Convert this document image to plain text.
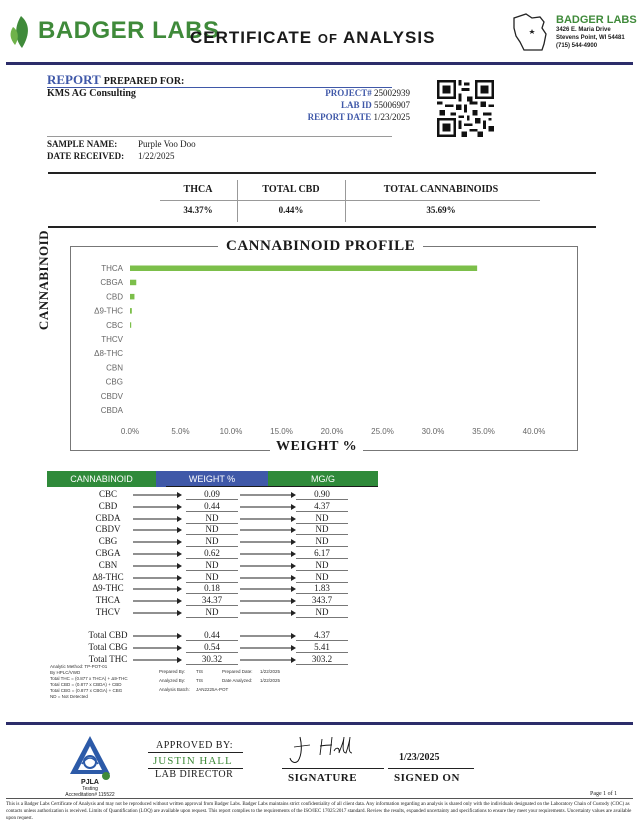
BADGER LABS
CERTIFICATE OF ANALYSIS
BADGER LABS
3426 E. Maria Drive
Stevens Point, WI 54481
(715) 544-4900
REPORT PREPARED FOR:
KMS AG Consulting	PROJECT# 25002939
LAB ID 55006907
REPORT DATE 1/23/2025
SAMPLE NAME: Purple Voo Doo
DATE RECEIVED: 1/22/2025
THCA	TOTAL CBD	TOTAL CANNABINOIDS
34.37%	0.44%	35.69%
CANNABINOID PROFILE
WEIGHT %
CANNABINOID	THCA
CBGA
CBD
Δ9-THC
CBC
THCV
Δ8-THC
CBN
CBG
CBDV
CBDA
0.0%	5.0%	10.0%	15.0%	20.0%	25.0%	30.0%	35.0%	40.0%
CANNABINOID	WEIGHT %	MG/G
CBC	0.09	0.90
CBD	0.44	4.37
CBDA	ND	ND
CBDV	ND	ND
CBG	ND	ND
CBGA	0.62	6.17
CBN	ND	ND
Δ8-THC	ND	ND
Δ9-THC	0.18	1.83
THCA	34.37	343.7
THCV	ND	ND
Total CBD	0.44	4.37
Total CBG	0.54	5.41
Total THC	30.32	303.2
Analytic Method: TP-POT-01
By HPLC/VWD
Total THC = (0.877 x THCA) + Δ9-THC
Total CBD = (0.877 x CBDA) + CBD
Total CBG = (0.877 x CBGA) + CBG
ND = Not Detected
Prepared By: TIS
Analyzed By: TIS
Analysis Batch: JAN2225A-POT
Prepared Date: 1/22/2025
Date Analyzed: 1/22/2025
PJLA
Testing
Accreditation# 115522
APPROVED BY:
JUSTIN HALL
LAB DIRECTOR	SIGNATURE
1/23/2025
SIGNED ON
Page 1 of 1
This is a Badger Labs Certificate of Analysis and may not be reproduced without written approval from Badger Labs. Badger Labs maintains strict confidentiality of all client data. Any information regarding an analysis is shared only with the individuals designated on the Laboratory Chain of Custody (COC) as contacts unless authorization is received. Limits of Quantification (LOQ) are available upon request. This report complies to the requirements of the ISO/IEC 17025:2017 standard. Review the results, expanded uncertainty and specifications to ensure they meet your requirements. Uncertainty values are available upon request.
